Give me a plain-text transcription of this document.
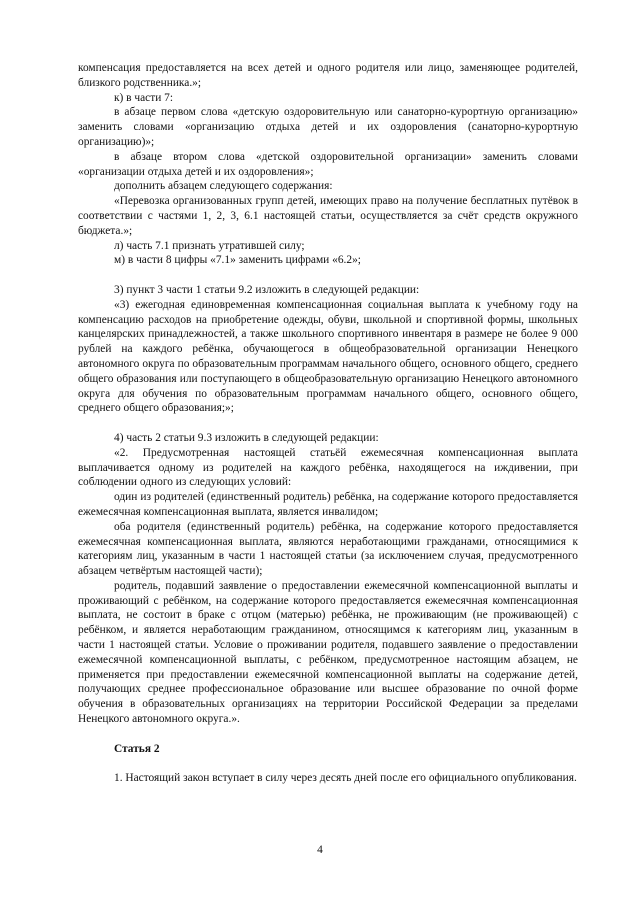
компенсация предоставляется на всех детей и одного родителя или лицо, заменяющее родителей, близкого родственника.»;

к) в части 7:

в абзаце первом слова «детскую оздоровительную или санаторно-курортную организацию» заменить словами «организацию отдыха детей и их оздоровления (санаторно-курортную организацию)»;

в абзаце втором слова «детской оздоровительной организации» заменить словами «организации отдыха детей и их оздоровления»;

дополнить абзацем следующего содержания:

«Перевозка организованных групп детей, имеющих право на получение бесплатных путёвок в соответствии с частями 1, 2, 3, 6.1 настоящей статьи, осуществляется за счёт средств окружного бюджета.»;

л) часть 7.1 признать утратившей силу;

м) в части 8 цифры «7.1» заменить цифрами «6.2»;

3) пункт 3 части 1 статьи 9.2 изложить в следующей редакции:

«3) ежегодная единовременная компенсационная социальная выплата к учебному году на компенсацию расходов на приобретение одежды, обуви, школьной и спортивной формы, школьных канцелярских принадлежностей, а также школьного спортивного инвентаря в размере не более 9 000 рублей на каждого ребёнка, обучающегося в общеобразовательной организации Ненецкого автономного округа по образовательным программам начального общего, основного общего, среднего общего образования или поступающего в общеобразовательную организацию Ненецкого автономного округа для обучения по образовательным программам начального общего, основного общего, среднего общего образования;»;

4) часть 2 статьи 9.3 изложить в следующей редакции:

«2. Предусмотренная настоящей статьёй ежемесячная компенсационная выплата выплачивается одному из родителей на каждого ребёнка, находящегося на иждивении, при соблюдении одного из следующих условий:

один из родителей (единственный родитель) ребёнка, на содержание которого предоставляется ежемесячная компенсационная выплата, является инвалидом;

оба родителя (единственный родитель) ребёнка, на содержание которого предоставляется ежемесячная компенсационная выплата, являются неработающими гражданами, относящимися к категориям лиц, указанным в части 1 настоящей статьи (за исключением случая, предусмотренного абзацем четвёртым настоящей части);

родитель, подавший заявление о предоставлении ежемесячной компенсационной выплаты и проживающий с ребёнком, на содержание которого предоставляется ежемесячная компенсационная выплата, не состоит в браке с отцом (матерью) ребёнка, не проживающим (не проживающей) с ребёнком, и является неработающим гражданином, относящимся к категориям лиц, указанным в части 1 настоящей статьи. Условие о проживании родителя, подавшего заявление о предоставлении ежемесячной компенсационной выплаты, с ребёнком, предусмотренное настоящим абзацем, не применяется при предоставлении ежемесячной компенсационной выплаты на содержание детей, получающих среднее профессиональное образование или высшее образование по очной форме обучения в образовательных организациях на территории Российской Федерации за пределами Ненецкого автономного округа.».

Статья 2

1. Настоящий закон вступает в силу через десять дней после его официального опубликования.

4
